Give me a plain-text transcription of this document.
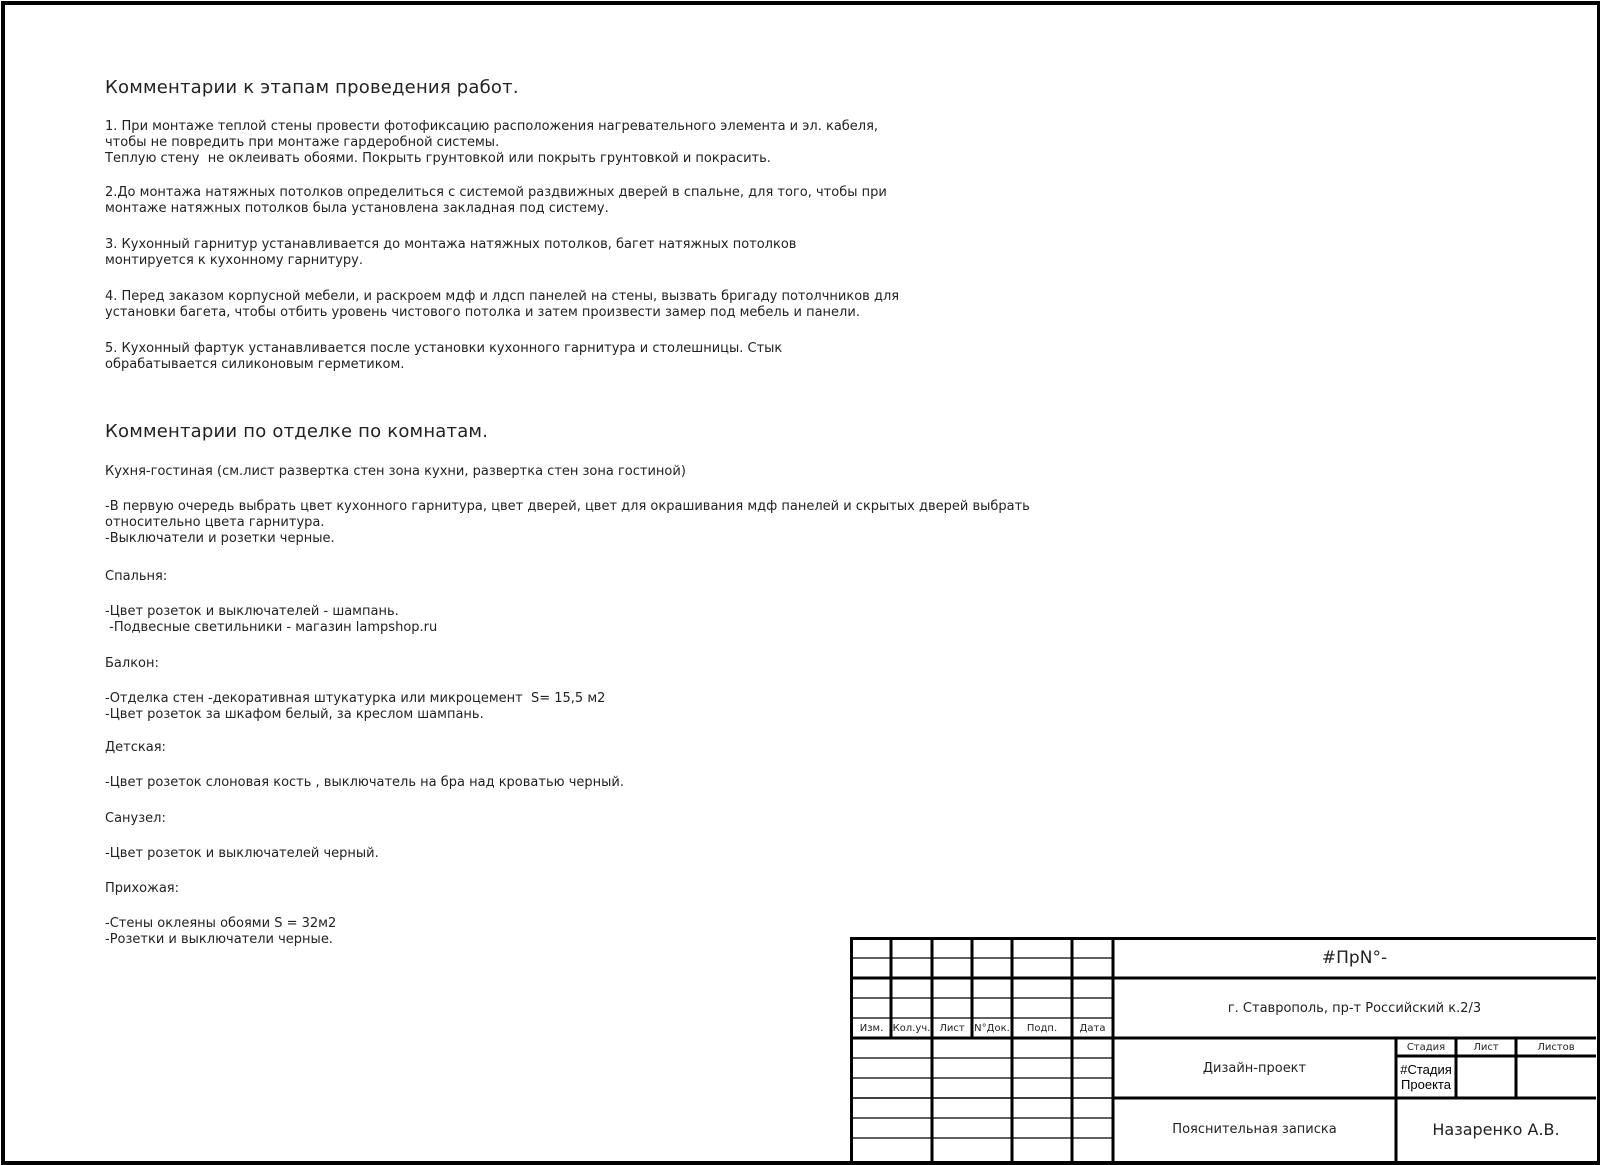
Комментарии к этапам проведения работ.
1. При монтаже теплой стены провести фотофиксацию расположения нагревательного элемента и эл. кабеля,
чтобы не повредить при монтаже гардеробной системы.
Теплую стену  не оклеивать обоями. Покрыть грунтовкой или покрыть грунтовкой и покрасить.
2.До монтажа натяжных потолков определиться с системой раздвижных дверей в спальне, для того, чтобы при
монтаже натяжных потолков была установлена закладная под систему.
3. Кухонный гарнитур устанавливается до монтажа натяжных потолков, багет натяжных потолков
монтируется к кухонному гарнитуру.
4. Перед заказом корпусной мебели, и раскроем мдф и лдсп панелей на стены, вызвать бригаду потолчников для
установки багета, чтобы отбить уровень чистового потолка и затем произвести замер под мебель и панели.
5. Кухонный фартук устанавливается после установки кухонного гарнитура и столешницы. Стык
обрабатывается силиконовым герметиком.
Комментарии по отделке по комнатам.
Кухня-гостиная (см.лист развертка стен зона кухни, развертка стен зона гостиной)
-В первую очередь выбрать цвет кухонного гарнитура, цвет дверей, цвет для окрашивания мдф панелей и скрытых дверей выбрать
относительно цвета гарнитура.
-Выключатели и розетки черные.
Спальня:
-Цвет розеток и выключателей - шампань.
-Подвесные светильники - магазин lampshop.ru
Балкон:
-Отделка стен -декоративная штукатурка или микроцемент  S= 15,5 м2
-Цвет розеток за шкафом белый, за креслом шампань.
Детская:
-Цвет розеток слоновая кость , выключатель на бра над кроватью черный.
Санузел:
-Цвет розеток и выключателей черный.
Прихожая:
-Стены оклеяны обоями S = 32м2
-Розетки и выключатели черные.
Изм. Кол.уч. Лист N°Док.	Подп.	Дата
#ПрN°-
г. Ставрополь, пр-т Российский к.2/3
Дизайн-проект
Пояснительная записка	Назаренко А.В.
Стадия	Лист	Листов
#Стадия
Проекта
